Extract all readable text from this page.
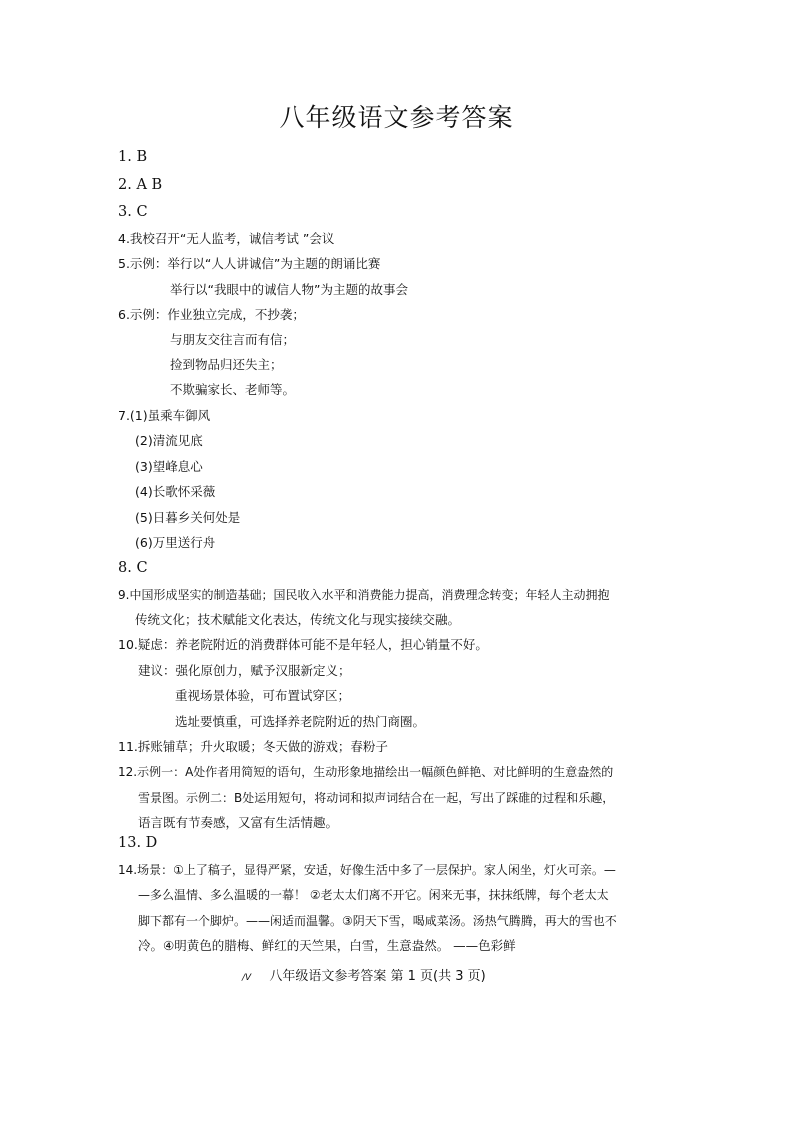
八年级语文参考答案
1. B
2. A B
3. C
4.我校召开“无人监考，诚信考试 ”会议
5.示例：举行以“人人讲诚信”为主题的朗诵比赛
举行以“我眼中的诚信人物”为主题的故事会
6.示例：作业独立完成，不抄袭；
与朋友交往言而有信；
捡到物品归还失主；
不欺骗家长、老师等。
7.(1)虽乘车御风
(2)清流见底
(3)望峰息心
(4)长歌怀采薇
(5)日暮乡关何处是
(6)万里送行舟
8. C
9.中国形成坚实的制造基础；国民收入水平和消费能力提高，消费理念转变；年轻人主动拥抱
传统文化；技术赋能文化表达，传统文化与现实接续交融。
10.疑虑：养老院附近的消费群体可能不是年轻人，担心销量不好。
建议：强化原创力，赋予汉服新定义；
重视场景体验，可布置试穿区；
选址要慎重，可选择养老院附近的热门商圈。
11.拆账铺草；升火取暖；冬天做的游戏；春粉子
12.示例一：A处作者用简短的语句，生动形象地描绘出一幅颜色鲜艳、对比鲜明的生意盎然的
雪景图。示例二：B处运用短句，将动词和拟声词结合在一起，写出了踩碓的过程和乐趣，
语言既有节奏感，又富有生活情趣。
13. D
14.场景：①上了稿子，显得严紧，安适，好像生活中多了一层保护。家人闲坐，灯火可亲。—
—多么温情、多么温暖的一幕！ ②老太太们离不开它。闲来无事，抹抹纸牌，每个老太太
脚下都有一个脚炉。——闲适而温馨。③阴天下雪，喝咸菜汤。汤热气腾腾，再大的雪也不
冷。④明黄色的腊梅、鲜红的天竺果，白雪，生意盎然。 ——色彩鲜
/V 八年级语文参考答案 第 1 页(共 3 页)
